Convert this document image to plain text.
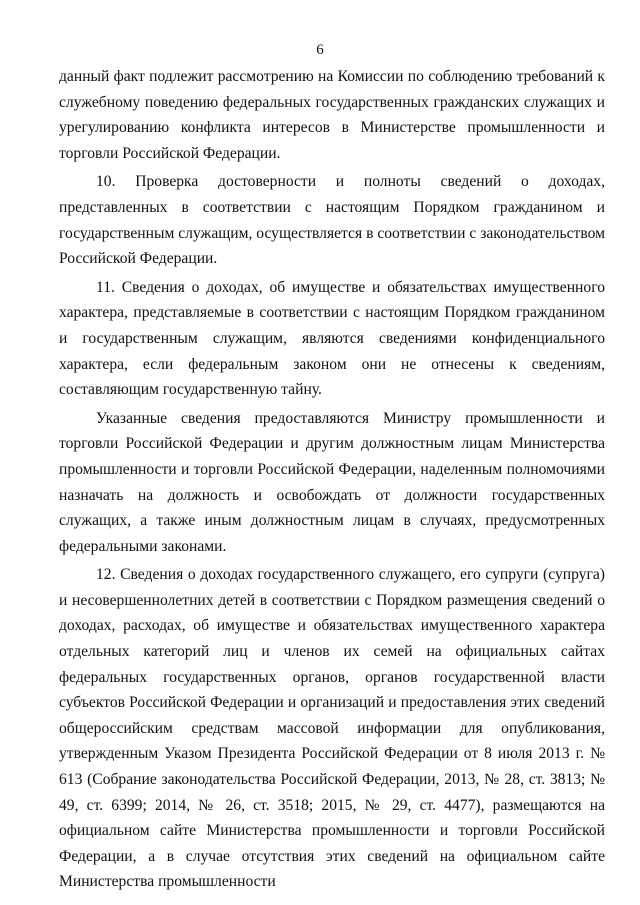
6

данный факт подлежит рассмотрению на Комиссии по соблюдению требований к служебному поведению федеральных государственных гражданских служащих и урегулированию конфликта интересов в Министерстве промышленности и торговли Российской Федерации.

10. Проверка достоверности и полноты сведений о доходах, представленных в соответствии с настоящим Порядком гражданином и государственным служащим, осуществляется в соответствии с законодательством Российской Федерации.

11. Сведения о доходах, об имуществе и обязательствах имущественного характера, представляемые в соответствии с настоящим Порядком гражданином и государственным служащим, являются сведениями конфиденциального характера, если федеральным законом они не отнесены к сведениям, составляющим государственную тайну.

Указанные сведения предоставляются Министру промышленности и торговли Российской Федерации и другим должностным лицам Министерства промышленности и торговли Российской Федерации, наделенным полномочиями назначать на должность и освобождать от должности государственных служащих, а также иным должностным лицам в случаях, предусмотренных федеральными законами.

12. Сведения о доходах государственного служащего, его супруги (супруга) и несовершеннолетних детей в соответствии с Порядком размещения сведений о доходах, расходах, об имуществе и обязательствах имущественного характера отдельных категорий лиц и членов их семей на официальных сайтах федеральных государственных органов, органов государственной власти субъектов Российской Федерации и организаций и предоставления этих сведений общероссийским средствам массовой информации для опубликования, утвержденным Указом Президента Российской Федерации от 8 июля 2013 г. № 613 (Собрание законодательства Российской Федерации, 2013, № 28, ст. 3813; № 49, ст. 6399; 2014, № 26, ст. 3518; 2015, № 29, ст. 4477), размещаются на официальном сайте Министерства промышленности и торговли Российской Федерации, а в случае отсутствия этих сведений на официальном сайте Министерства промышленности
